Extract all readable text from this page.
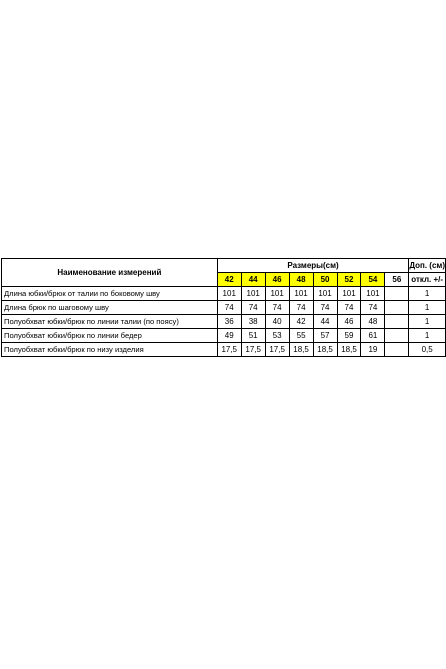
Наименование измерений	Размеры(см)								Доп. (см)
	42	44	46	48	50	52	54	56	откл. +/-
Длина юбки/брюк от талии по боковому шву	101	101	101	101	101	101	101		1
Длина брюк по шаговому шву	74	74	74	74	74	74	74		1
Полуобхват юбки/брюк по линии талии (по поясу)	36	38	40	42	44	46	48		1
Полуобхват юбки/брюк по линии бедер	49	51	53	55	57	59	61		1
Полуобхват юбки/брюк по низу изделия	17,5	17,5	17,5	18,5	18,5	18,5	19		0,5
